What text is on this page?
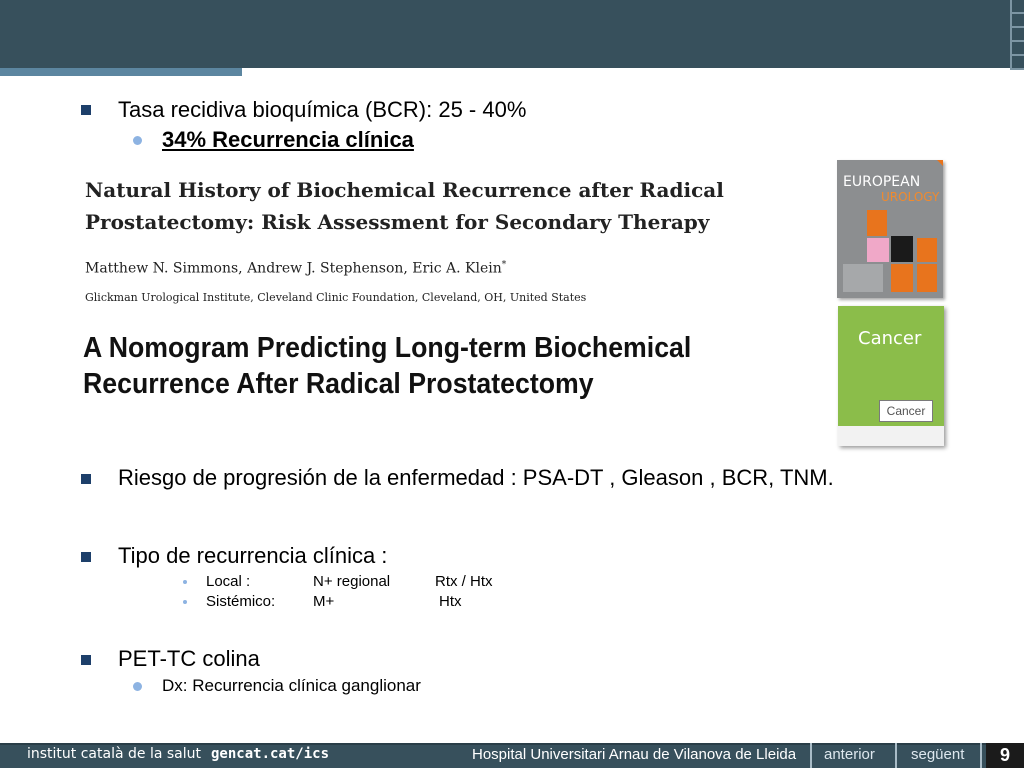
Tasa recidiva bioquímica (BCR): 25 - 40%
34% Recurrencia clínica
Natural History of Biochemical Recurrence after Radical Prostatectomy: Risk Assessment for Secondary Therapy
Matthew N. Simmons, Andrew J. Stephenson, Eric A. Klein*
Glickman Urological Institute, Cleveland Clinic Foundation, Cleveland, OH, United States
A Nomogram Predicting Long-term Biochemical Recurrence After Radical Prostatectomy
EUROPEAN
UROLOGY
Cancer
Cancer
Riesgo de progresión de la enfermedad : PSA-DT , Gleason , BCR, TNM.
Tipo de recurrencia clínica :
Local :	N+ regional	Rtx / Htx
Sistémico:	M+	Htx
PET-TC colina
Dx: Recurrencia clínica ganglionar
institut català de la salut gencat.cat/ics	Hospital Universitari Arnau de Vilanova de Lleida anterior següent	9
